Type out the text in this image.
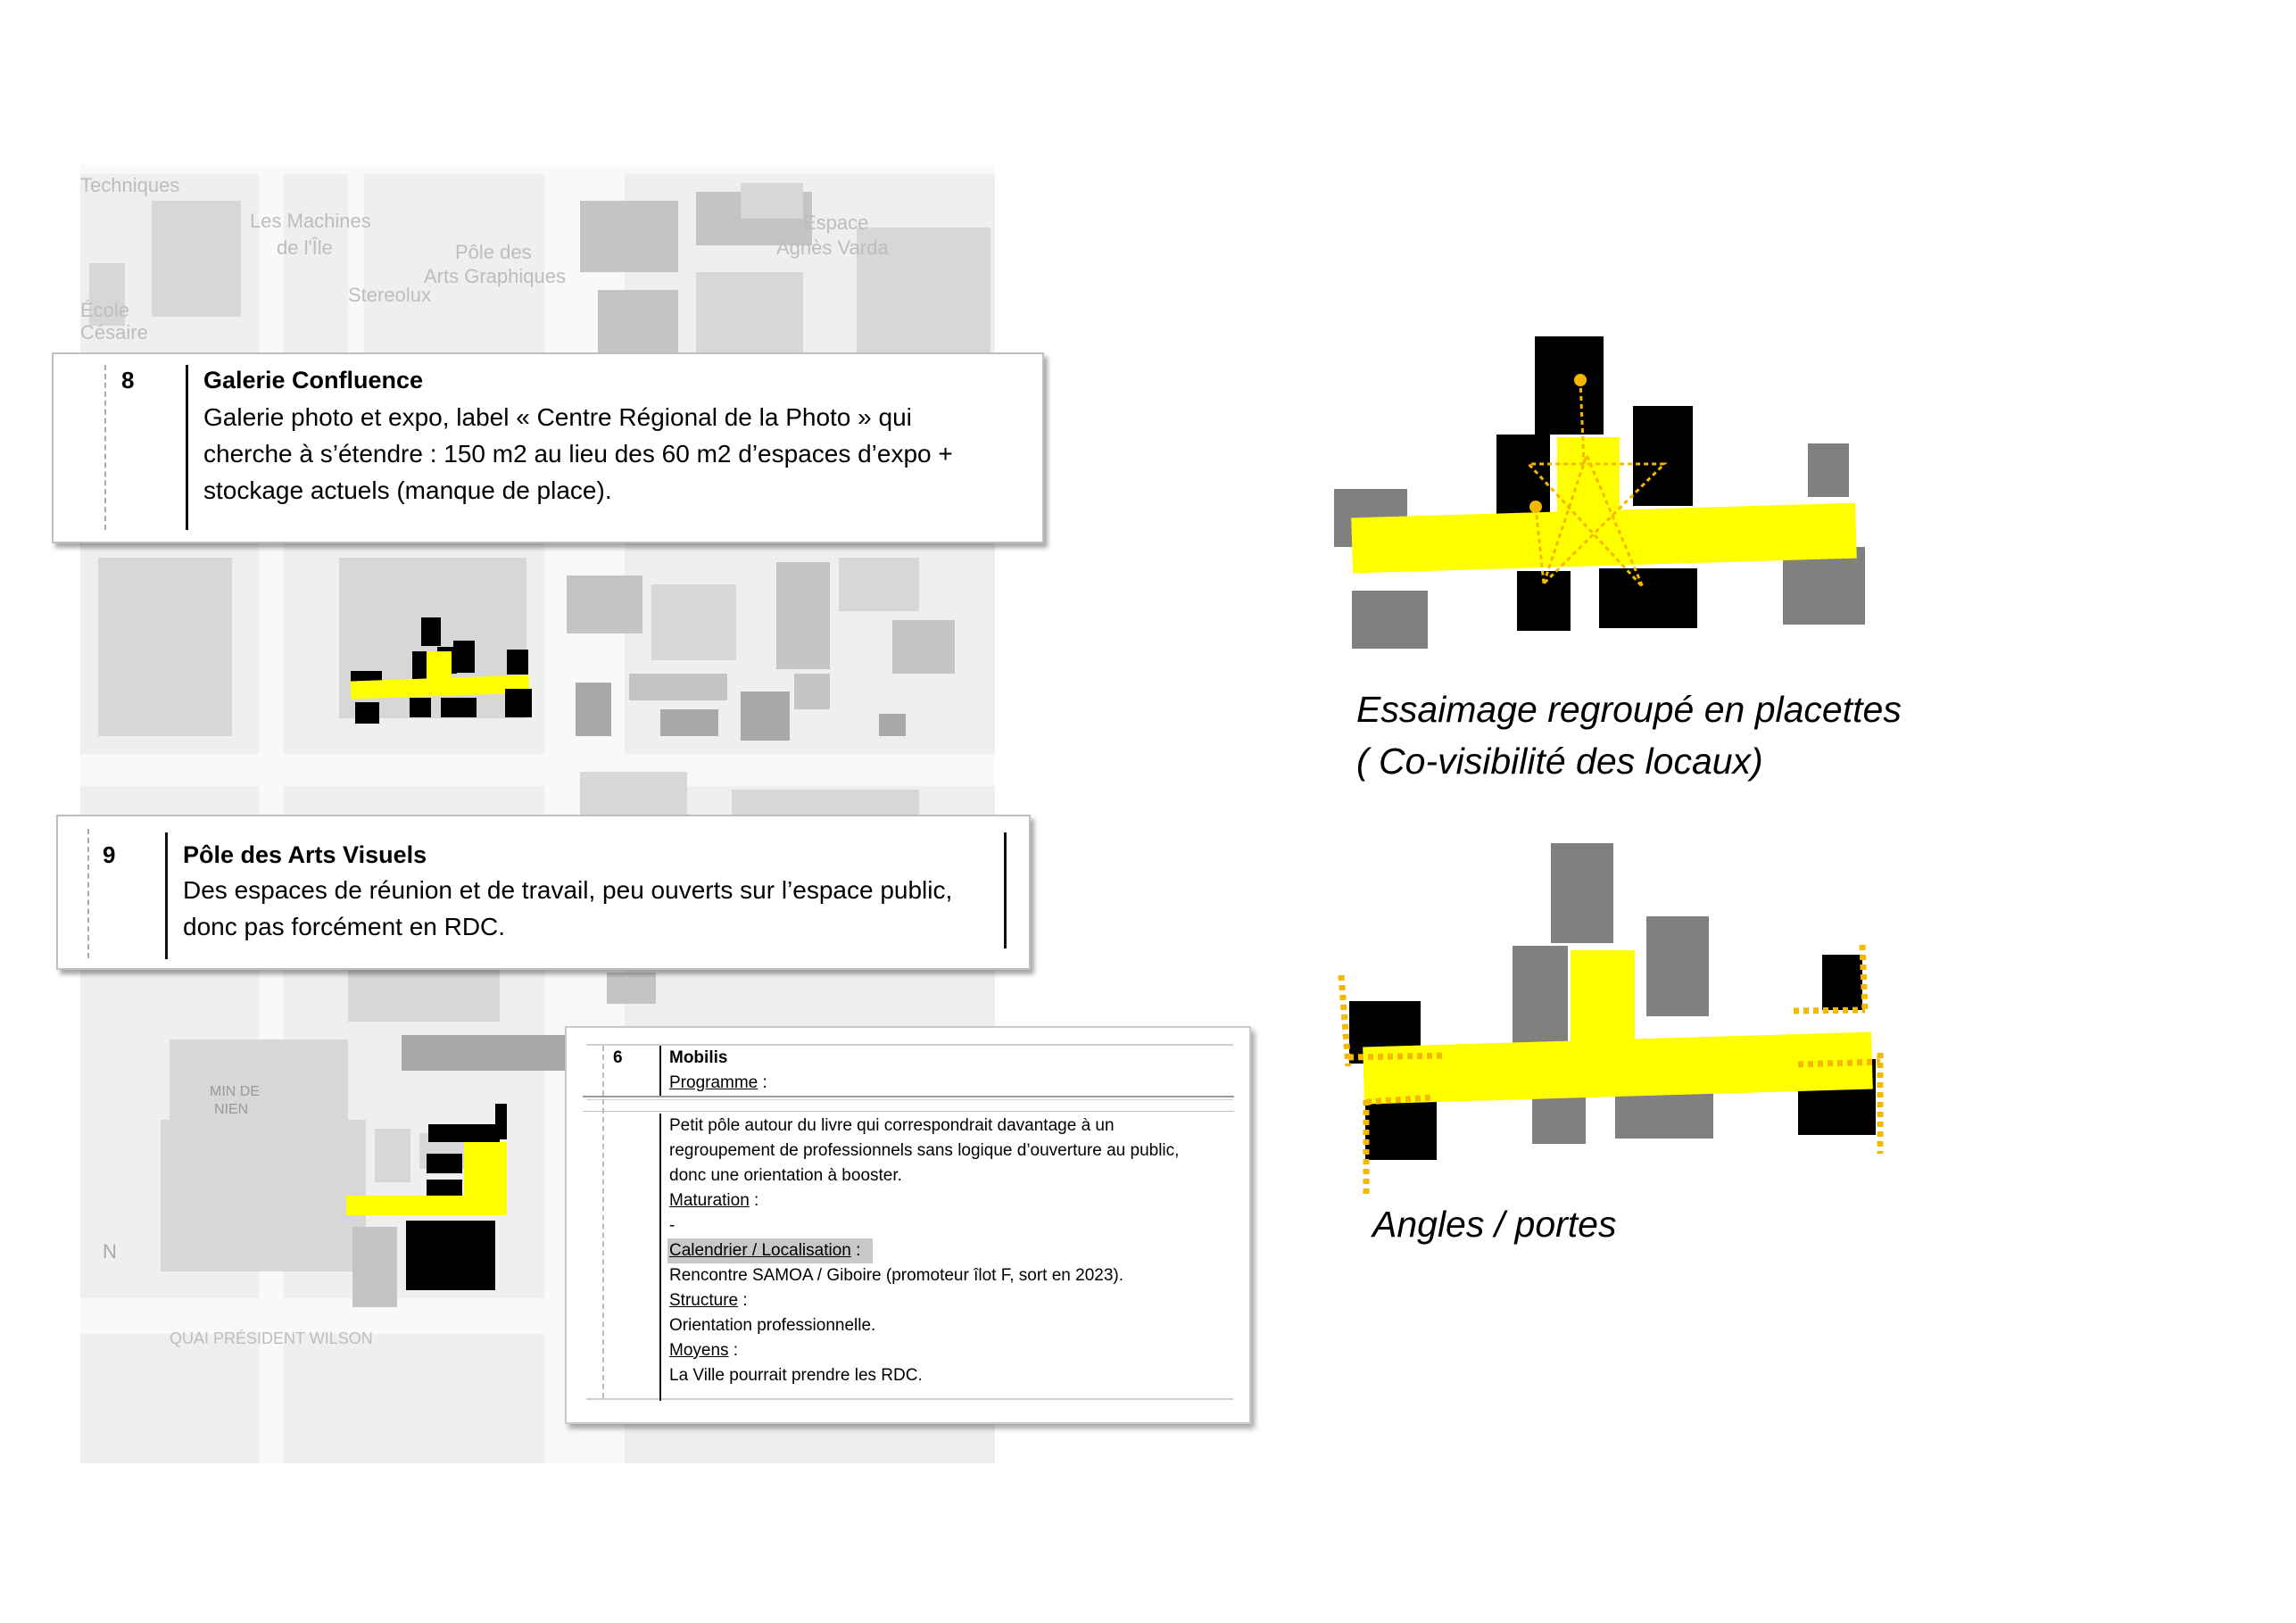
Techniques
Les Machines
de l'Île	Pôle des
Arts Graphiques
Stereolux
Espace
Agnès Varda
École
Césaire
MIN DE
NIEN
QUAI PRÉSIDENT WILSON
N
8	Galerie Confluence
Galerie photo et expo, label « Centre Régional de la Photo » qui
cherche à s’étendre : 150 m2 au lieu des 60 m2 d’espaces d’expo +
stockage actuels (manque de place).
9	Pôle des Arts Visuels
Des espaces de réunion et de travail, peu ouverts sur l’espace public,
donc pas forcément en RDC.
6	Mobilis
Programme :
Petit pôle autour du livre qui correspondrait davantage à un
regroupement de professionnels sans logique d’ouverture au public,
donc une orientation à booster.
Maturation :
-
Calendrier / Localisation :
Rencontre SAMOA / Giboire (promoteur îlot F, sort en 2023).
Structure :
Orientation professionnelle.
Moyens :
La Ville pourrait prendre les RDC.
Essaimage regroupé en placettes
( Co-visibilité des locaux)
Angles / portes
